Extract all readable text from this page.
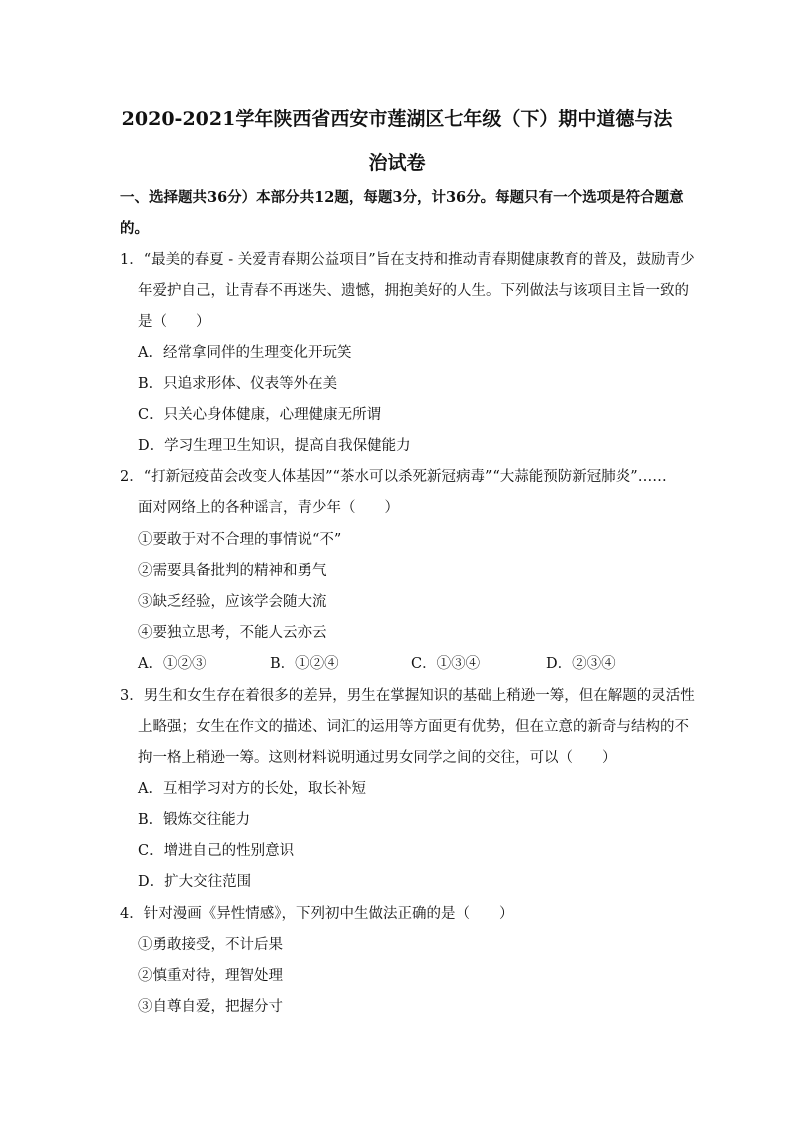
2020-2021学年陕西省西安市莲湖区七年级（下）期中道德与法
治试卷
一、选择题共36分）本部分共12题，每题3分，计36分。每题只有一个选项是符合题意
的。
1．“最美的春夏 - 关爱青春期公益项目”旨在支持和推动青春期健康教育的普及，鼓励青少
年爱护自己，让青春不再迷失、遗憾，拥抱美好的人生。下列做法与该项目主旨一致的
是（　　）
A．经常拿同伴的生理变化开玩笑
B．只追求形体、仪表等外在美
C．只关心身体健康，心理健康无所谓
D．学习生理卫生知识，提高自我保健能力
2．“打新冠疫苗会改变人体基因”“茶水可以杀死新冠病毒”“大蒜能预防新冠肺炎”……
面对网络上的各种谣言，青少年（　　）
①要敢于对不合理的事情说“不”
②需要具备批判的精神和勇气
③缺乏经验，应该学会随大流
④要独立思考，不能人云亦云
A．①②③	B．①②④	C．①③④	D．②③④
3．男生和女生存在着很多的差异，男生在掌握知识的基础上稍逊一筹，但在解题的灵活性
上略强；女生在作文的描述、词汇的运用等方面更有优势，但在立意的新奇与结构的不
拘一格上稍逊一筹。这则材料说明通过男女同学之间的交往，可以（　　）
A．互相学习对方的长处，取长补短
B．锻炼交往能力
C．增进自己的性别意识
D．扩大交往范围
4．针对漫画《异性情感》，下列初中生做法正确的是（　　）
①勇敢接受，不计后果
②慎重对待，理智处理
③自尊自爱，把握分寸
